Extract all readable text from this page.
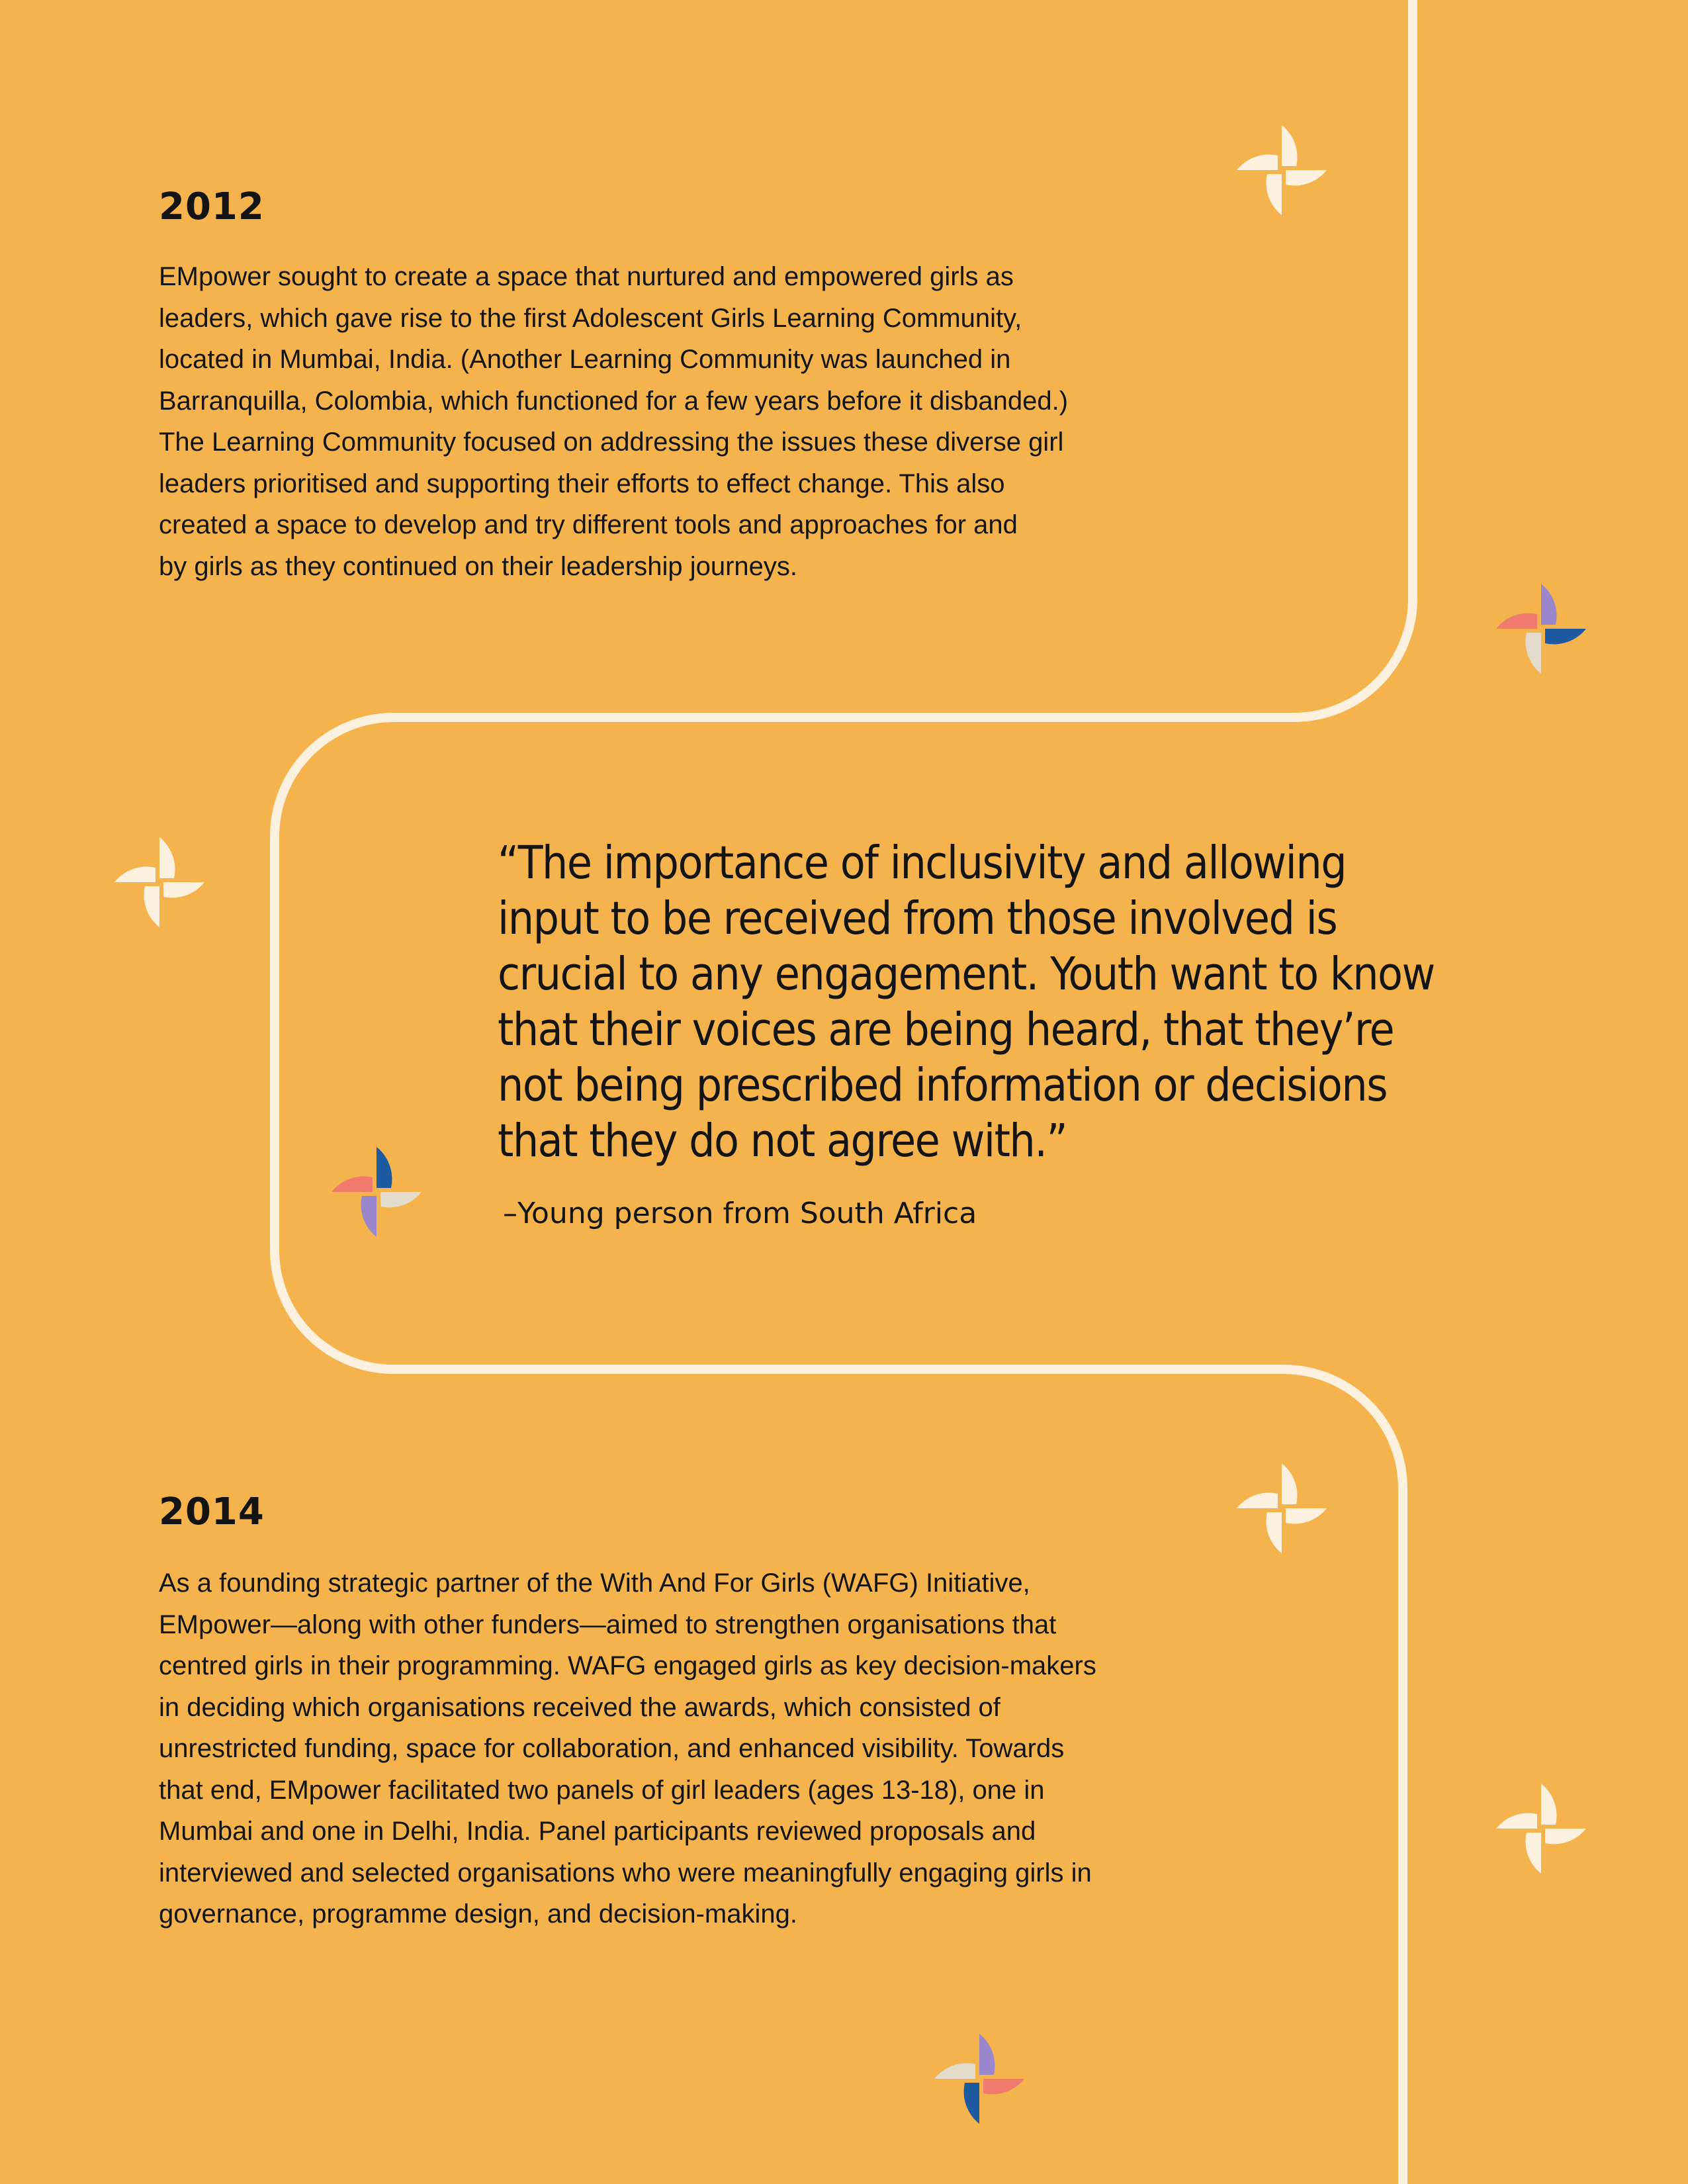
2012
EMpower sought to create a space that nurtured and empowered girls as
leaders, which gave rise to the first Adolescent Girls Learning Community,
located in Mumbai, India. (Another Learning Community was launched in
Barranquilla, Colombia, which functioned for a few years before it disbanded.)
The Learning Community focused on addressing the issues these diverse girl
leaders prioritised and supporting their efforts to effect change. This also
created a space to develop and try different tools and approaches for and
by girls as they continued on their leadership journeys.
“The importance of inclusivity and allowing
input to be received from those involved is
crucial to any engagement. Youth want to know
that their voices are being heard, that they’re
not being prescribed information or decisions
that they do not agree with.”
–Young person from South Africa
2014
As a founding strategic partner of the With And For Girls (WAFG) Initiative,
EMpower—along with other funders—aimed to strengthen organisations that
centred girls in their programming. WAFG engaged girls as key decision-makers
in deciding which organisations received the awards, which consisted of
unrestricted funding, space for collaboration, and enhanced visibility. Towards
that end, EMpower facilitated two panels of girl leaders (ages 13-18), one in
Mumbai and one in Delhi, India. Panel participants reviewed proposals and
interviewed and selected organisations who were meaningfully engaging girls in
governance, programme design, and decision-making.
